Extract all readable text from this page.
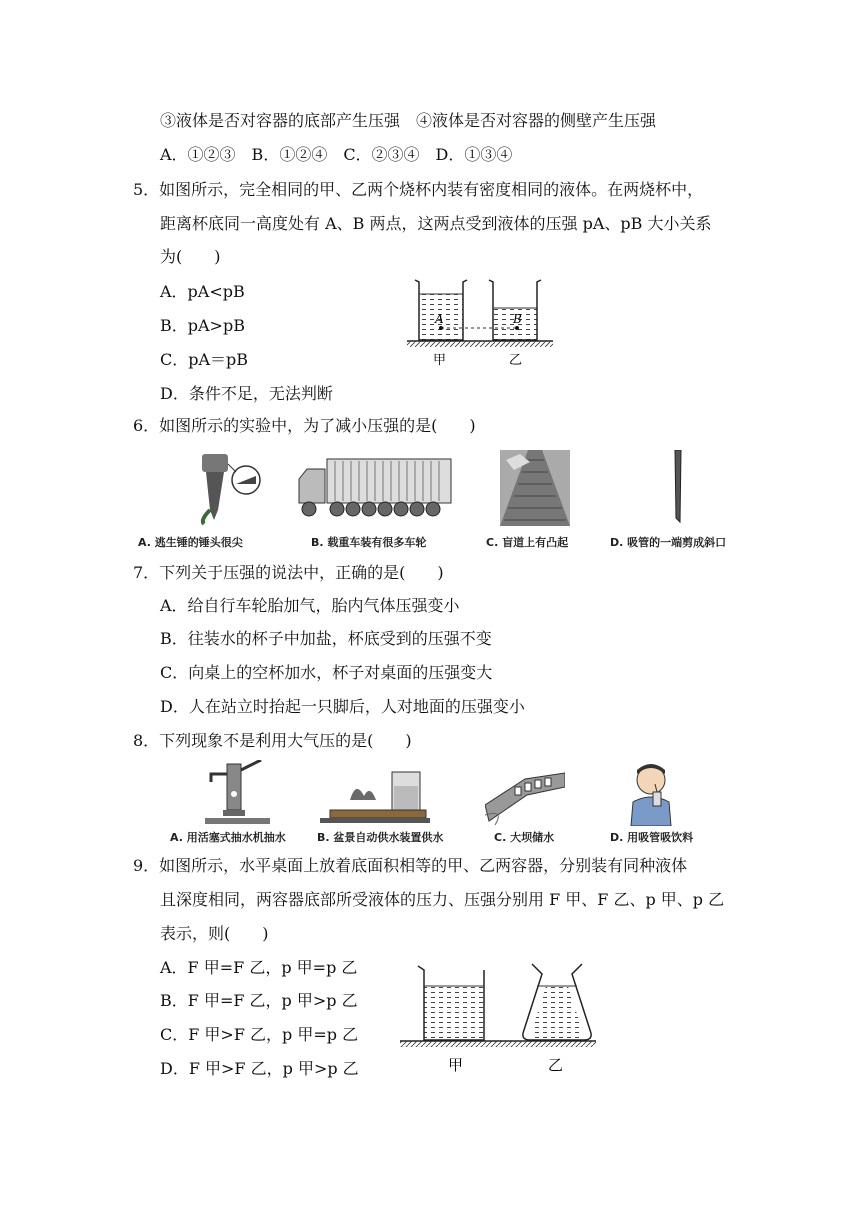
③液体是否对容器的底部产生压强　④液体是否对容器的侧壁产生压强
A．①②③　B．①②④　C．②③④　D．①③④
5．如图所示，完全相同的甲、乙两个烧杯内装有密度相同的液体。在两烧杯中，
距离杯底同一高度处有 A、B 两点，这两点受到液体的压强 pA、pB 大小关系
为(　　)
A．pA<pB
B．pA>pB
C．pA＝pB
D．条件不足，无法判断
A	B
甲	乙
6．如图所示的实验中，为了减小压强的是(　　)
A. 逃生锤的锤头很尖	B. 载重车装有很多车轮	C. 盲道上有凸起	D. 吸管的一端剪成斜口
7．下列关于压强的说法中，正确的是(　　)
A．给自行车轮胎加气，胎内气体压强变小
B．往装水的杯子中加盐，杯底受到的压强不变
C．向桌上的空杯加水，杯子对桌面的压强变大
D．人在站立时抬起一只脚后，人对地面的压强变小
8．下列现象不是利用大气压的是(　　)
A. 用活塞式抽水机抽水	B. 盆景自动供水装置供水	C. 大坝储水	D. 用吸管吸饮料
9．如图所示，水平桌面上放着底面积相等的甲、乙两容器，分别装有同种液体
且深度相同，两容器底部所受液体的压力、压强分别用 F 甲、F 乙、p 甲、p 乙
表示，则(　　)
A．F 甲=F 乙，p 甲=p 乙
B．F 甲=F 乙，p 甲>p 乙
C．F 甲>F 乙，p 甲=p 乙
D．F 甲>F 乙，p 甲>p 乙	甲	乙
